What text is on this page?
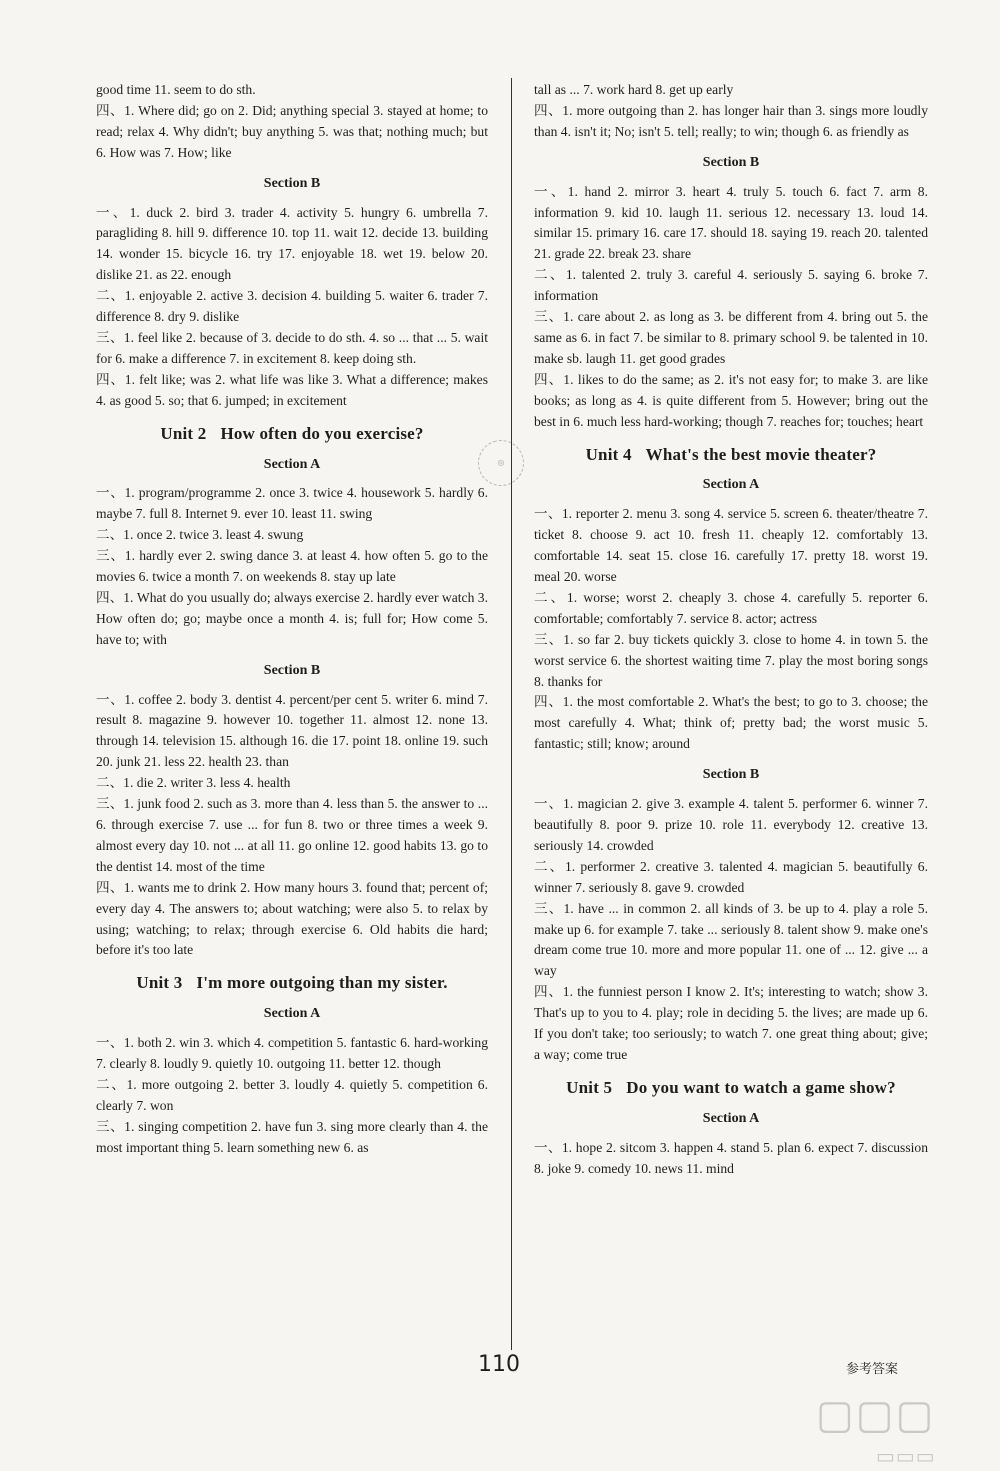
good time 11. seem to do sth.

四、1. Where did; go on 2. Did; anything special 3. stayed at home; to read; relax 4. Why didn't; buy anything 5. was that; nothing much; but 6. How was 7. How; like

Section B

一、1. duck 2. bird 3. trader 4. activity 5. hungry 6. umbrella 7. paragliding 8. hill 9. difference 10. top 11. wait 12. decide 13. building 14. wonder 15. bicycle 16. try 17. enjoyable 18. wet 19. below 20. dislike 21. as 22. enough

二、1. enjoyable 2. active 3. decision 4. building 5. waiter 6. trader 7. difference 8. dry 9. dislike

三、1. feel like 2. because of 3. decide to do sth. 4. so ... that ... 5. wait for 6. make a difference 7. in excitement 8. keep doing sth.

四、1. felt like; was 2. what life was like 3. What a difference; makes 4. as good 5. so; that 6. jumped; in excitement

Unit 2 How often do you exercise?
Section A

一、1. program/programme 2. once 3. twice 4. housework 5. hardly 6. maybe 7. full 8. Internet 9. ever 10. least 11. swing

二、1. once 2. twice 3. least 4. swung

三、1. hardly ever 2. swing dance 3. at least 4. how often 5. go to the movies 6. twice a month 7. on weekends 8. stay up late

四、1. What do you usually do; always exercise 2. hardly ever watch 3. How often do; go; maybe once a month 4. is; full for; How come 5. have to; with

Section B

一、1. coffee 2. body 3. dentist 4. percent/per cent 5. writer 6. mind 7. result 8. magazine 9. however 10. together 11. almost 12. none 13. through 14. television 15. although 16. die 17. point 18. online 19. such 20. junk 21. less 22. health 23. than

二、1. die 2. writer 3. less 4. health

三、1. junk food 2. such as 3. more than 4. less than 5. the answer to ... 6. through exercise 7. use ... for fun 8. two or three times a week 9. almost every day 10. not ... at all 11. go online 12. good habits 13. go to the dentist 14. most of the time

四、1. wants me to drink 2. How many hours 3. found that; percent of; every day 4. The answers to; about watching; were also 5. to relax by using; watching; to relax; through exercise 6. Old habits die hard; before it's too late

Unit 3 I'm more outgoing than my sister.
Section A

一、1. both 2. win 3. which 4. competition 5. fantastic 6. hard-working 7. clearly 8. loudly 9. quietly 10. outgoing 11. better 12. though

二、1. more outgoing 2. better 3. loudly 4. quietly 5. competition 6. clearly 7. won

三、1. singing competition 2. have fun 3. sing more clearly than 4. the most important thing 5. learn something new 6. as

tall as ... 7. work hard 8. get up early

四、1. more outgoing than 2. has longer hair than 3. sings more loudly than 4. isn't it; No; isn't 5. tell; really; to win; though 6. as friendly as

Section B

一、1. hand 2. mirror 3. heart 4. truly 5. touch 6. fact 7. arm 8. information 9. kid 10. laugh 11. serious 12. necessary 13. loud 14. similar 15. primary 16. care 17. should 18. saying 19. reach 20. talented 21. grade 22. break 23. share

二、1. talented 2. truly 3. careful 4. seriously 5. saying 6. broke 7. information

三、1. care about 2. as long as 3. be different from 4. bring out 5. the same as 6. in fact 7. be similar to 8. primary school 9. be talented in 10. make sb. laugh 11. get good grades

四、1. likes to do the same; as 2. it's not easy for; to make 3. are like books; as long as 4. is quite different from 5. However; bring out the best in 6. much less hard-working; though 7. reaches for; touches; heart

Unit 4 What's the best movie theater?
Section A

一、1. reporter 2. menu 3. song 4. service 5. screen 6. theater/theatre 7. ticket 8. choose 9. act 10. fresh 11. cheaply 12. comfortably 13. comfortable 14. seat 15. close 16. carefully 17. pretty 18. worst 19. meal 20. worse

二、1. worse; worst 2. cheaply 3. chose 4. carefully 5. reporter 6. comfortable; comfortably 7. service 8. actor; actress

三、1. so far 2. buy tickets quickly 3. close to home 4. in town 5. the worst service 6. the shortest waiting time 7. play the most boring songs 8. thanks for

四、1. the most comfortable 2. What's the best; to go to 3. choose; the most carefully 4. What; think of; pretty bad; the worst music 5. fantastic; still; know; around

Section B

一、1. magician 2. give 3. example 4. talent 5. performer 6. winner 7. beautifully 8. poor 9. prize 10. role 11. everybody 12. creative 13. seriously 14. crowded

二、1. performer 2. creative 3. talented 4. magician 5. beautifully 6. winner 7. seriously 8. gave 9. crowded

三、1. have ... in common 2. all kinds of 3. be up to 4. play a role 5. make up 6. for example 7. take ... seriously 8. talent show 9. make one's dream come true 10. more and more popular 11. one of ... 12. give ... a way

四、1. the funniest person I know 2. It's; interesting to watch; show 3. That's up to you to 4. play; role in deciding 5. the lives; are made up 6. If you don't take; too seriously; to watch 7. one great thing about; give; a way; come true

Unit 5 Do you want to watch a game show?
Section A

一、1. hope 2. sitcom 3. happen 4. stand 5. plan 6. expect 7. discussion 8. joke 9. comedy 10. news 11. mind

◎
110	参考答案
▢▢▢
▭▭▭
